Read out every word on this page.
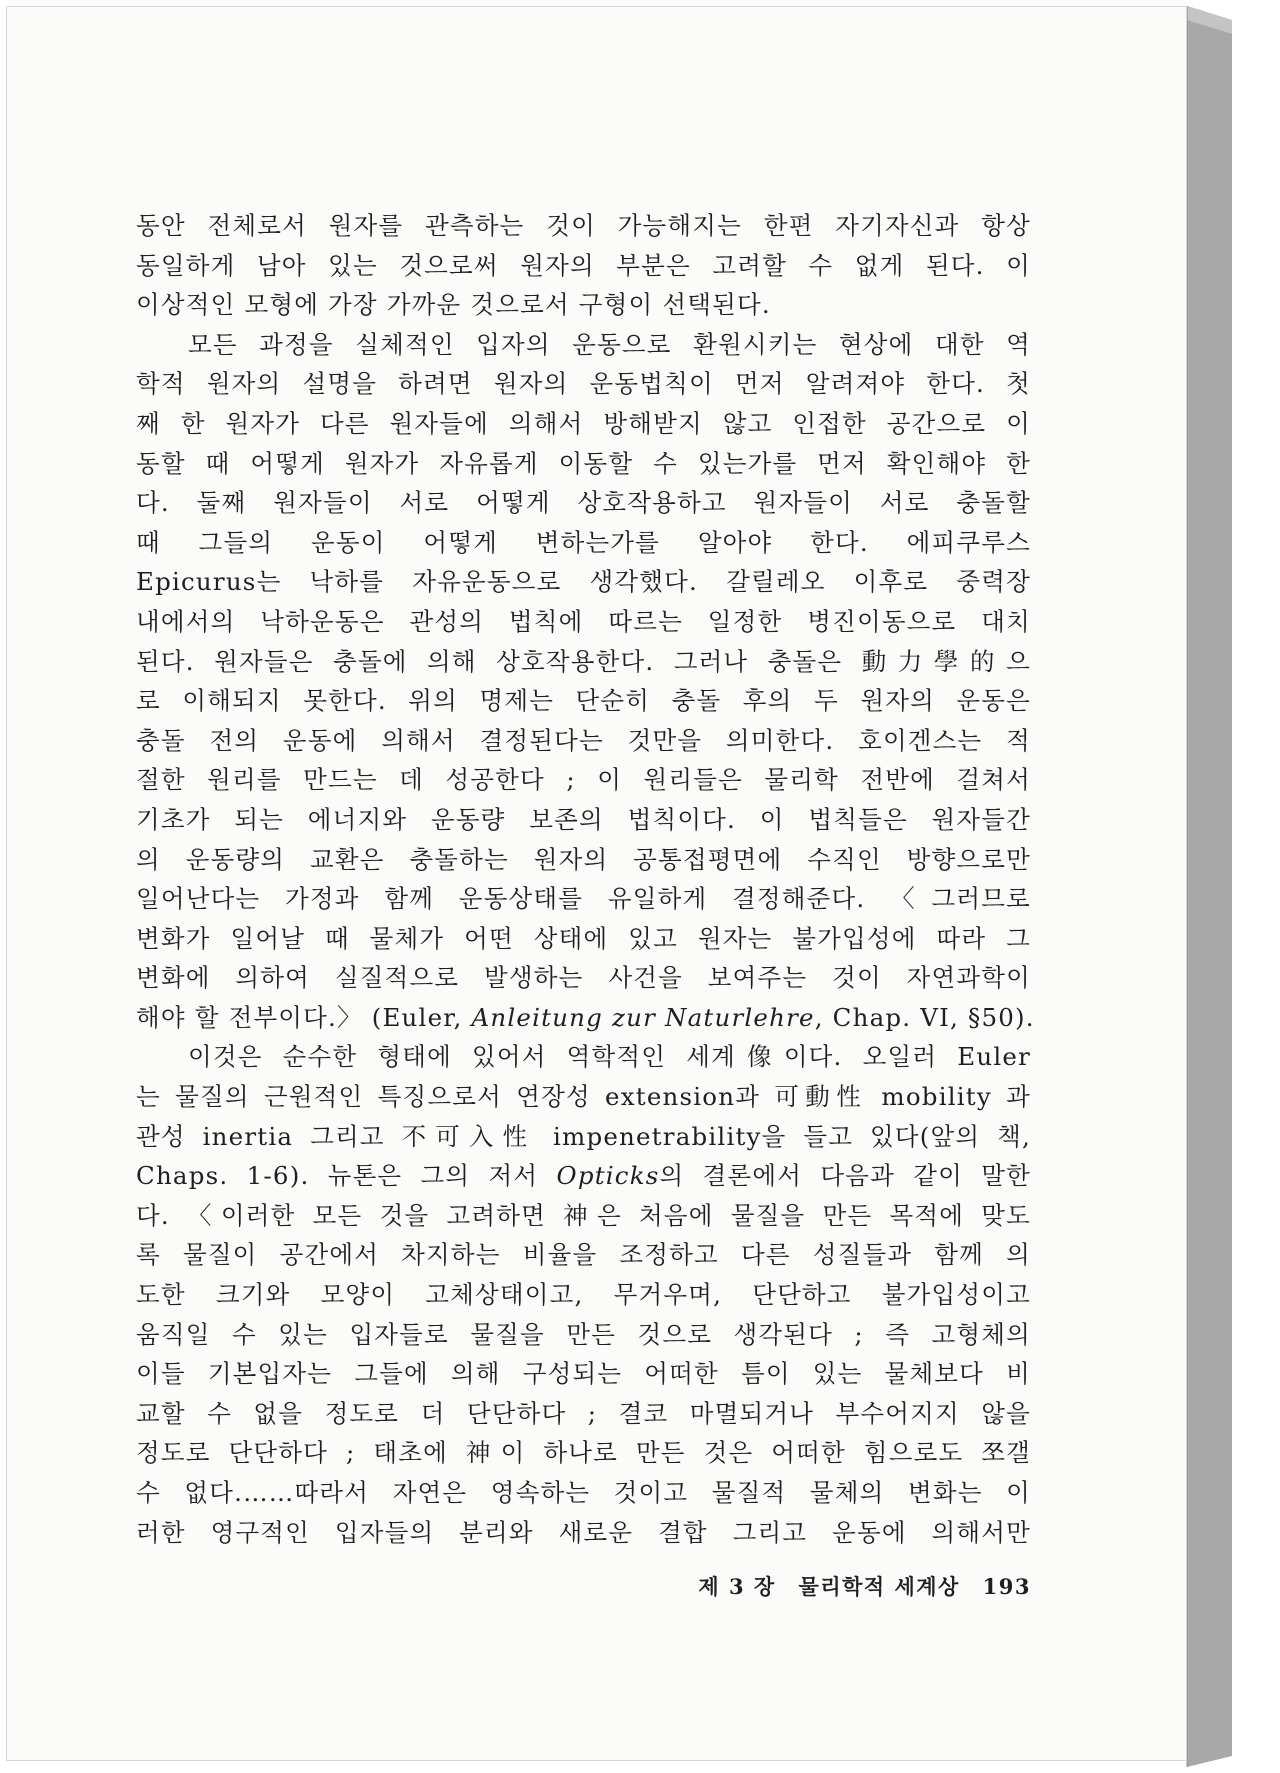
동안 전체로서 원자를 관측하는 것이 가능해지는 한편 자기자신과 항상
동일하게 남아 있는 것으로써 원자의 부분은 고려할 수 없게 된다. 이
이상적인 모형에 가장 가까운 것으로서 구형이 선택된다.

모든 과정을 실체적인 입자의 운동으로 환원시키는 현상에 대한 역
학적 원자의 설명을 하려면 원자의 운동법칙이 먼저 알려져야 한다. 첫
째 한 원자가 다른 원자들에 의해서 방해받지 않고 인접한 공간으로 이
동할 때 어떻게 원자가 자유롭게 이동할 수 있는가를 먼저 확인해야 한
다. 둘째 원자들이 서로 어떻게 상호작용하고 원자들이 서로 충돌할
때 그들의 운동이 어떻게 변하는가를 알아야 한다. 에피쿠루스
Epicurus는 낙하를 자유운동으로 생각했다. 갈릴레오 이후로 중력장
내에서의 낙하운동은 관성의 법칙에 따르는 일정한 병진이동으로 대치
된다. 원자들은 충돌에 의해 상호작용한다. 그러나 충돌은 動力學的으
로 이해되지 못한다. 위의 명제는 단순히 충돌 후의 두 원자의 운동은
충돌 전의 운동에 의해서 결정된다는 것만을 의미한다. 호이겐스는 적
절한 원리를 만드는 데 성공한다 ; 이 원리들은 물리학 전반에 걸쳐서
기초가 되는 에너지와 운동량 보존의 법칙이다. 이 법칙들은 원자들간
의 운동량의 교환은 충돌하는 원자의 공통접평면에 수직인 방향으로만
일어난다는 가정과 함께 운동상태를 유일하게 결정해준다. 〈그러므로
변화가 일어날 때 물체가 어떤 상태에 있고 원자는 불가입성에 따라 그
변화에 의하여 실질적으로 발생하는 사건을 보여주는 것이 자연과학이
해야 할 전부이다.〉 (Euler, Anleitung zur Naturlehre, Chap. VI, §50).

이것은 순수한 형태에 있어서 역학적인 세계像이다. 오일러 Euler
는 물질의 근원적인 특징으로서 연장성 extension과 可動性 mobility 과
관성 inertia 그리고 不可入性 impenetrability을 들고 있다(앞의 책,
Chaps. 1-6). 뉴톤은 그의 저서 Opticks의 결론에서 다음과 같이 말한
다. 〈이러한 모든 것을 고려하면 神은 처음에 물질을 만든 목적에 맞도
록 물질이 공간에서 차지하는 비율을 조정하고 다른 성질들과 함께 의
도한 크기와 모양이 고체상태이고, 무거우며, 단단하고 불가입성이고
움직일 수 있는 입자들로 물질을 만든 것으로 생각된다 ; 즉 고형체의
이들 기본입자는 그들에 의해 구성되는 어떠한 틈이 있는 물체보다 비
교할 수 없을 정도로 더 단단하다 ; 결코 마멸되거나 부수어지지 않을
정도로 단단하다 ; 태초에 神이 하나로 만든 것은 어떠한 힘으로도 쪼갤
수 없다.……따라서 자연은 영속하는 것이고 물질적 물체의 변화는 이
러한 영구적인 입자들의 분리와 새로운 결합 그리고 운동에 의해서만

제 3 장 물리학적 세계상 193
